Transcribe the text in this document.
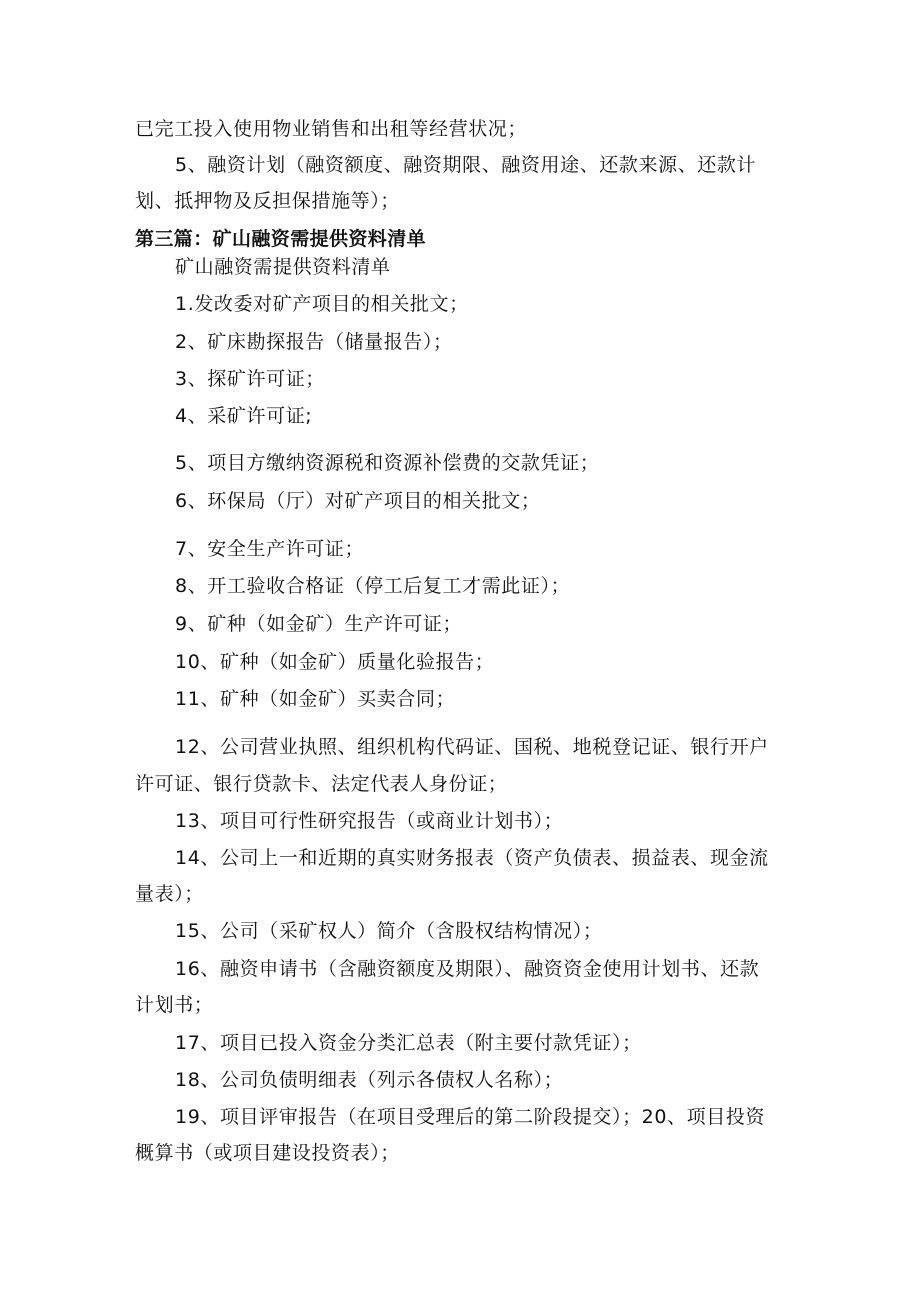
已完工投入使用物业销售和出租等经营状况；
5、融资计划（融资额度、融资期限、融资用途、还款来源、还款计
划、抵押物及反担保措施等）；
第三篇：矿山融资需提供资料清单
矿山融资需提供资料清单
1.发改委对矿产项目的相关批文；
2、矿床勘探报告（储量报告）；
3、探矿许可证；
4、采矿许可证;
5、项目方缴纳资源税和资源补偿费的交款凭证；
6、环保局（厅）对矿产项目的相关批文；
7、安全生产许可证；
8、开工验收合格证（停工后复工才需此证）；
9、矿种（如金矿）生产许可证；
10、矿种（如金矿）质量化验报告；
11、矿种（如金矿）买卖合同；
12、公司营业执照、组织机构代码证、国税、地税登记证、银行开户
许可证、银行贷款卡、法定代表人身份证；
13、项目可行性研究报告（或商业计划书）；
14、公司上一和近期的真实财务报表（资产负债表、损益表、现金流
量表）；
15、公司（采矿权人）简介（含股权结构情况）；
16、融资申请书（含融资额度及期限）、融资资金使用计划书、还款
计划书；
17、项目已投入资金分类汇总表（附主要付款凭证）；
18、公司负债明细表（列示各债权人名称）；
19、项目评审报告（在项目受理后的第二阶段提交）；20、项目投资
概算书（或项目建设投资表）；
